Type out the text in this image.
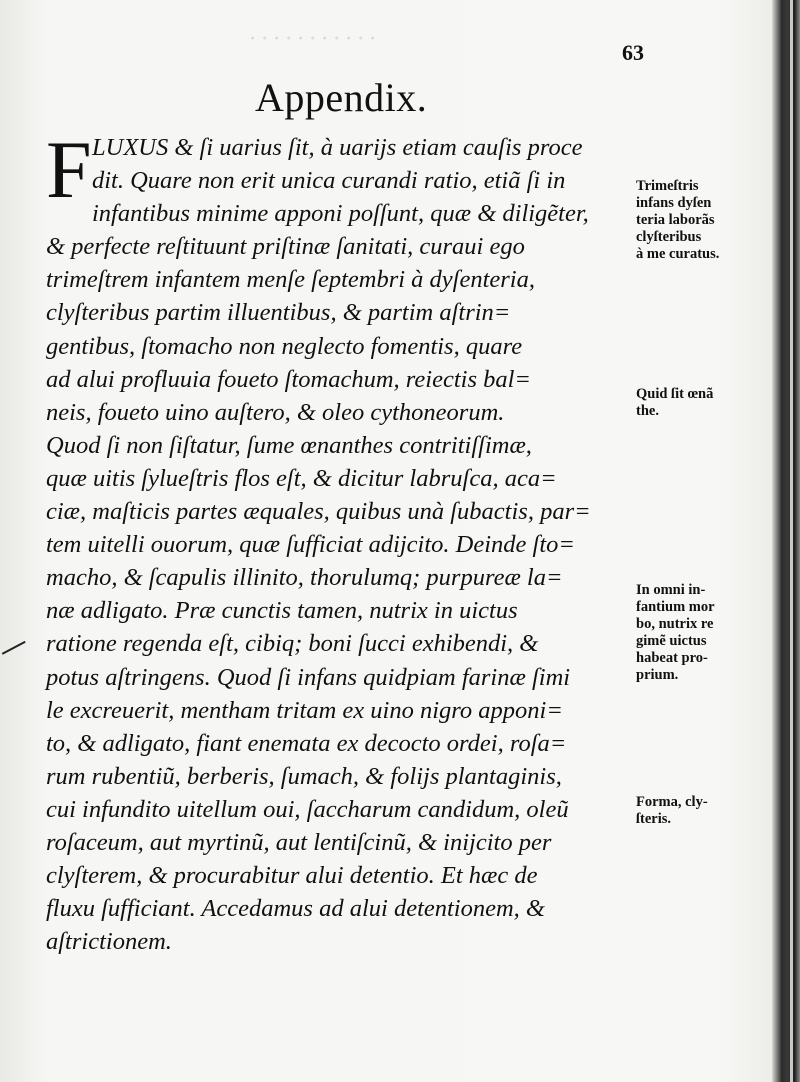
· · · · · · · · · · ·
63
Appendix.
F LUXUS & ſi uarius ſit, à uarijs etiam cauſis proce
dit. Quare non erit unica curandi ratio, etiã ſi in
infantibus minime apponi poſſunt, quæ & diligẽter,
& perfecte reſtituunt priſtinæ ſanitati, curaui ego
trimeſtrem infantem menſe ſeptembri à dyſenteria,
clyſteribus partim illuentibus, & partim aſtrin=
gentibus, ſtomacho non neglecto fomentis, quare
ad alui profluuia foueto ſtomachum, reiectis bal=
neis, foueto uino auſtero, & oleo cythoneorum.
Quod ſi non ſiſtatur, ſume œnanthes contritiſſimæ,
quæ uitis ſylueſtris flos eſt, & dicitur labruſca, aca=
ciæ, maſticis partes æquales, quibus unà ſubactis, par=
tem uitelli ouorum, quæ ſufficiat adijcito. Deinde ſto=
macho, & ſcapulis illinito, thorulumq; purpureæ la=
næ adligato. Præ cunctis tamen, nutrix in uictus
ratione regenda eſt, cibiq; boni ſucci exhibendi, &
potus aſtringens. Quod ſi infans quidpiam farinæ ſimi
le excreuerit, mentham tritam ex uino nigro apponi=
to, & adligato, fiant enemata ex decocto ordei, roſa=
rum rubentiũ, berberis, ſumach, & folijs plantaginis,
cui infundito uitellum oui, ſaccharum candidum, oleũ
roſaceum, aut myrtinũ, aut lentiſcinũ, & inijcito per
clyſterem, & procurabitur alui detentio. Et hæc de
fluxu ſufficiant. Accedamus ad alui detentionem, &
aſtrictionem.
Trimeſtris
infans dyſen
teria laborãs
clyſteribus
à me curatus.
Quid ſit œnã
the.
In omni in-
fantium mor
bo, nutrix re
gimẽ uictus
habeat pro-
prium.
Forma, cly-
ſteris.
